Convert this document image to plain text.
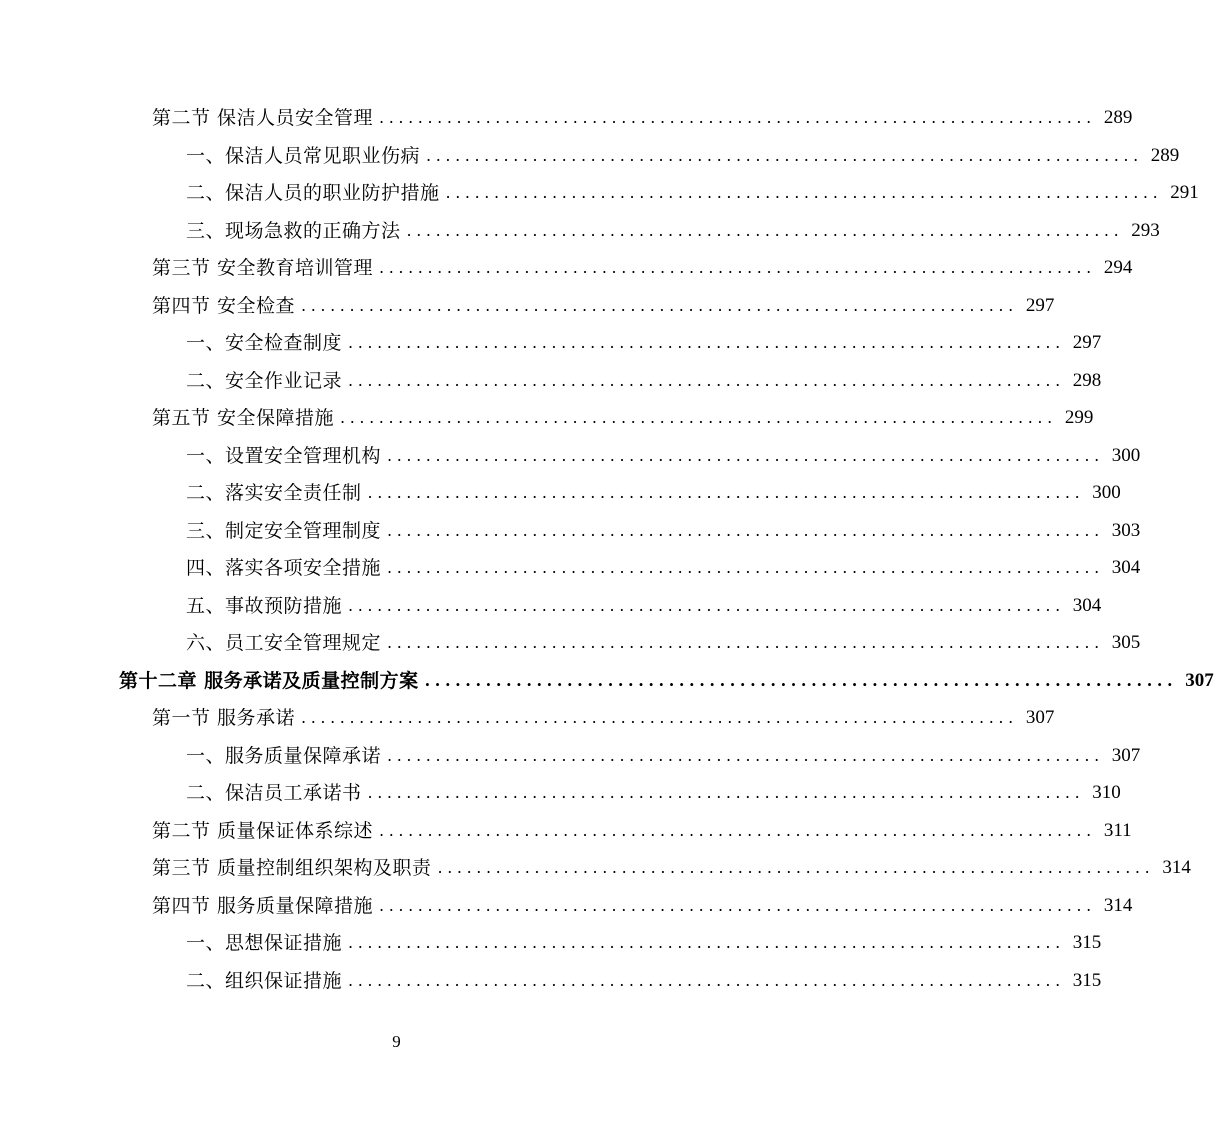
第二节 保洁人员安全管理 .......................................................................... 289
一、保洁人员常见职业伤病 .......................................................................... 289
二、保洁人员的职业防护措施 .......................................................................... 291
三、现场急救的正确方法 .......................................................................... 293
第三节 安全教育培训管理 .......................................................................... 294
第四节 安全检查 .......................................................................... 297
一、安全检查制度 .......................................................................... 297
二、安全作业记录 .......................................................................... 298
第五节 安全保障措施 .......................................................................... 299
一、设置安全管理机构 .......................................................................... 300
二、落实安全责任制 .......................................................................... 300
三、制定安全管理制度 .......................................................................... 303
四、落实各项安全措施 .......................................................................... 304
五、事故预防措施 .......................................................................... 304
六、员工安全管理规定 .......................................................................... 305
第十二章 服务承诺及质量控制方案 .......................................................................... 307
第一节 服务承诺 .......................................................................... 307
一、服务质量保障承诺 .......................................................................... 307
二、保洁员工承诺书 .......................................................................... 310
第二节 质量保证体系综述 .......................................................................... 311
第三节 质量控制组织架构及职责 .......................................................................... 314
第四节 服务质量保障措施 .......................................................................... 314
一、思想保证措施 .......................................................................... 315
二、组织保证措施 .......................................................................... 315
9
